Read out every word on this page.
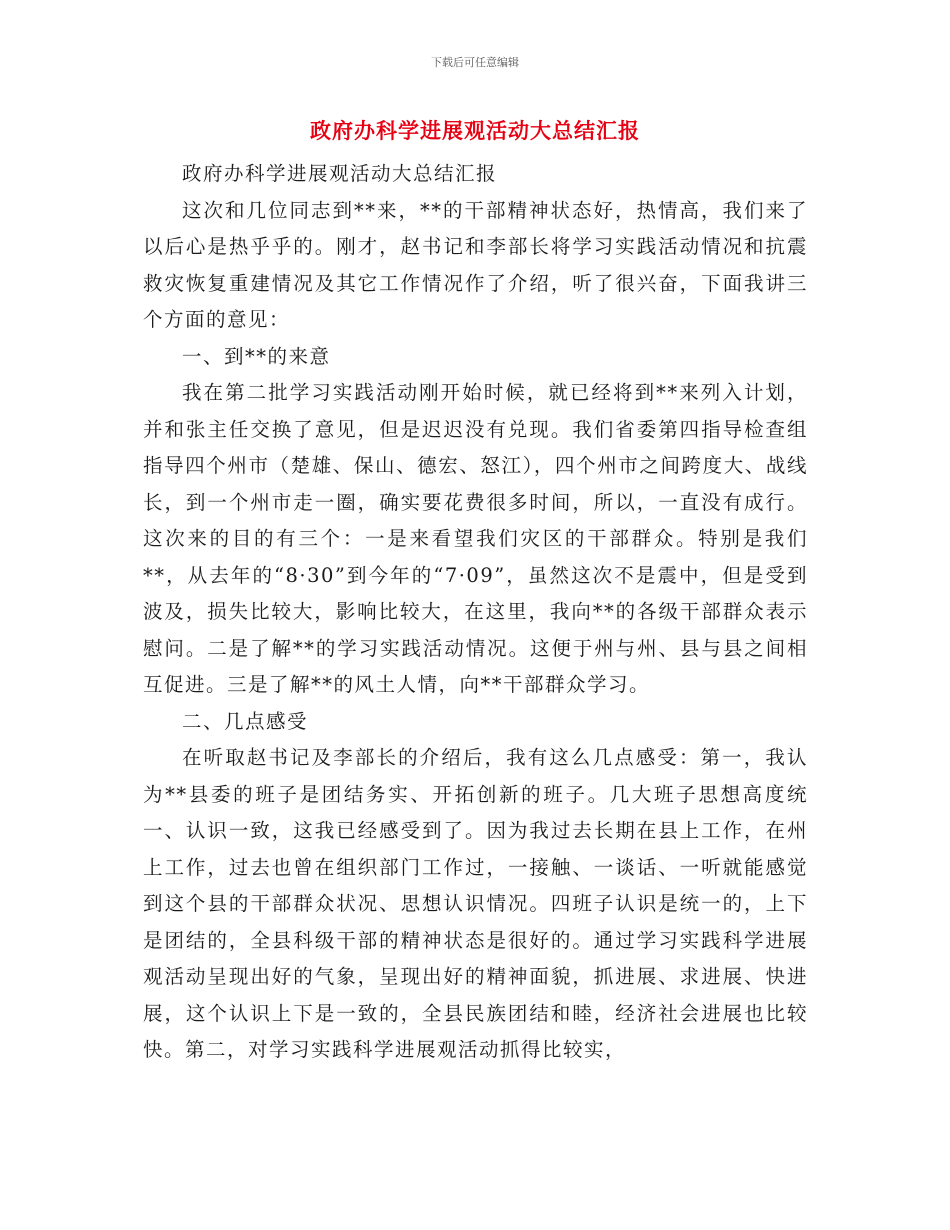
下载后可任意编辑
政府办科学进展观活动大总结汇报

政府办科学进展观活动大总结汇报

这次和几位同志到**来，**的干部精神状态好，热情高，我们来了以后心是热乎乎的。刚才，赵书记和李部长将学习实践活动情况和抗震救灾恢复重建情况及其它工作情况作了介绍，听了很兴奋，下面我讲三个方面的意见：

一、到**的来意

我在第二批学习实践活动刚开始时候，就已经将到**来列入计划，并和张主任交换了意见，但是迟迟没有兑现。我们省委第四指导检查组指导四个州市（楚雄、保山、德宏、怒江），四个州市之间跨度大、战线长，到一个州市走一圈，确实要花费很多时间，所以，一直没有成行。这次来的目的有三个：一是来看望我们灾区的干部群众。特别是我们**，从去年的“8·30”到今年的“7·09”，虽然这次不是震中，但是受到波及，损失比较大，影响比较大，在这里，我向**的各级干部群众表示慰问。二是了解**的学习实践活动情况。这便于州与州、县与县之间相互促进。三是了解**的风土人情，向**干部群众学习。

二、几点感受

在听取赵书记及李部长的介绍后，我有这么几点感受：第一，我认为**县委的班子是团结务实、开拓创新的班子。几大班子思想高度统一、认识一致，这我已经感受到了。因为我过去长期在县上工作，在州上工作，过去也曾在组织部门工作过，一接触、一谈话、一听就能感觉到这个县的干部群众状况、思想认识情况。四班子认识是统一的，上下是团结的，全县科级干部的精神状态是很好的。通过学习实践科学进展观活动呈现出好的气象，呈现出好的精神面貌，抓进展、求进展、快进展，这个认识上下是一致的，全县民族团结和睦，经济社会进展也比较快。第二，对学习实践科学进展观活动抓得比较实，
